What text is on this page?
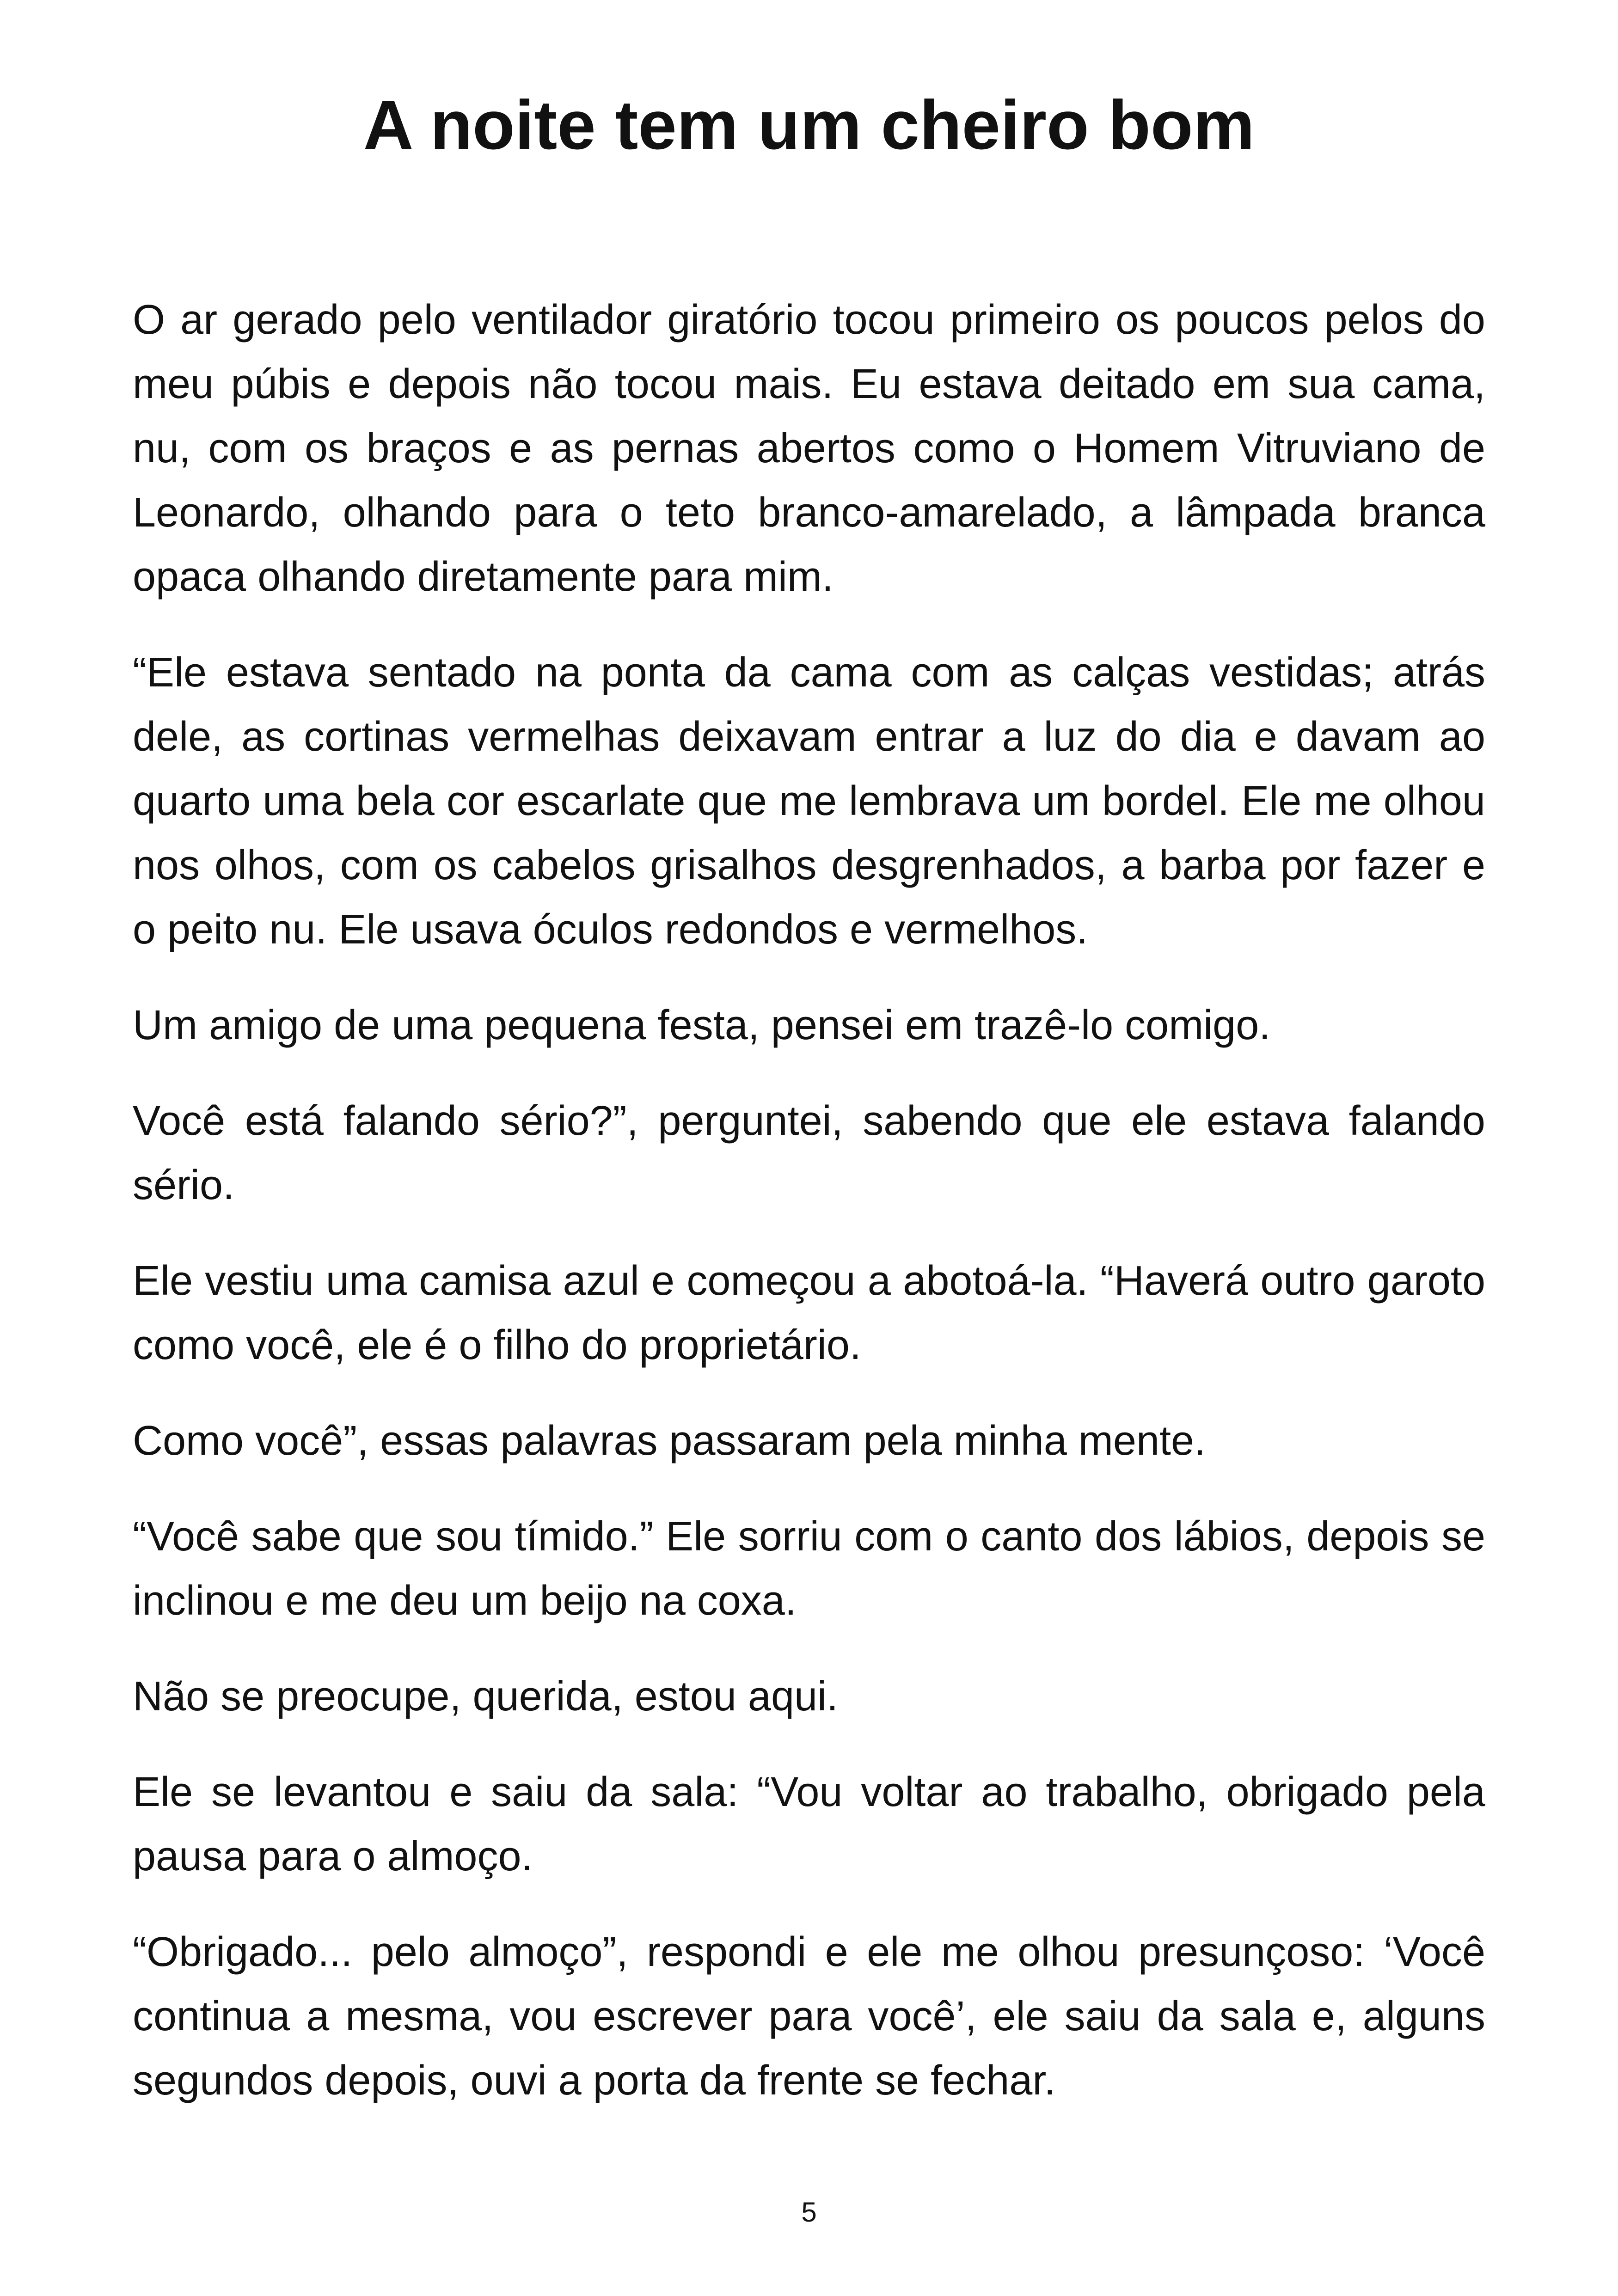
A noite tem um cheiro bom

O ar gerado pelo ventilador giratório tocou primeiro os poucos pelos do meu púbis e depois não tocou mais. Eu estava deitado em sua cama, nu, com os braços e as pernas abertos como o Homem Vitruviano de Leonardo, olhando para o teto branco-amarelado, a lâmpada branca opaca olhando diretamente para mim.

“Ele estava sentado na ponta da cama com as calças vestidas; atrás dele, as cortinas vermelhas deixavam entrar a luz do dia e davam ao quarto uma bela cor escarlate que me lembrava um bordel. Ele me olhou nos olhos, com os cabelos grisalhos desgrenhados, a barba por fazer e o peito nu. Ele usava óculos redondos e vermelhos.

Um amigo de uma pequena festa, pensei em trazê-lo comigo.

Você está falando sério?”, perguntei, sabendo que ele estava falando sério.

Ele vestiu uma camisa azul e começou a abotoá-la. “Haverá outro garoto como você, ele é o filho do proprietário.

Como você”, essas palavras passaram pela minha mente.

“Você sabe que sou tímido.” Ele sorriu com o canto dos lábios, depois se inclinou e me deu um beijo na coxa.

Não se preocupe, querida, estou aqui.

Ele se levantou e saiu da sala: “Vou voltar ao trabalho, obrigado pela pausa para o almoço.

“Obrigado... pelo almoço”, respondi e ele me olhou presunçoso: ‘Você continua a mesma, vou escrever para você’, ele saiu da sala e, alguns segundos depois, ouvi a porta da frente se fechar.

5
